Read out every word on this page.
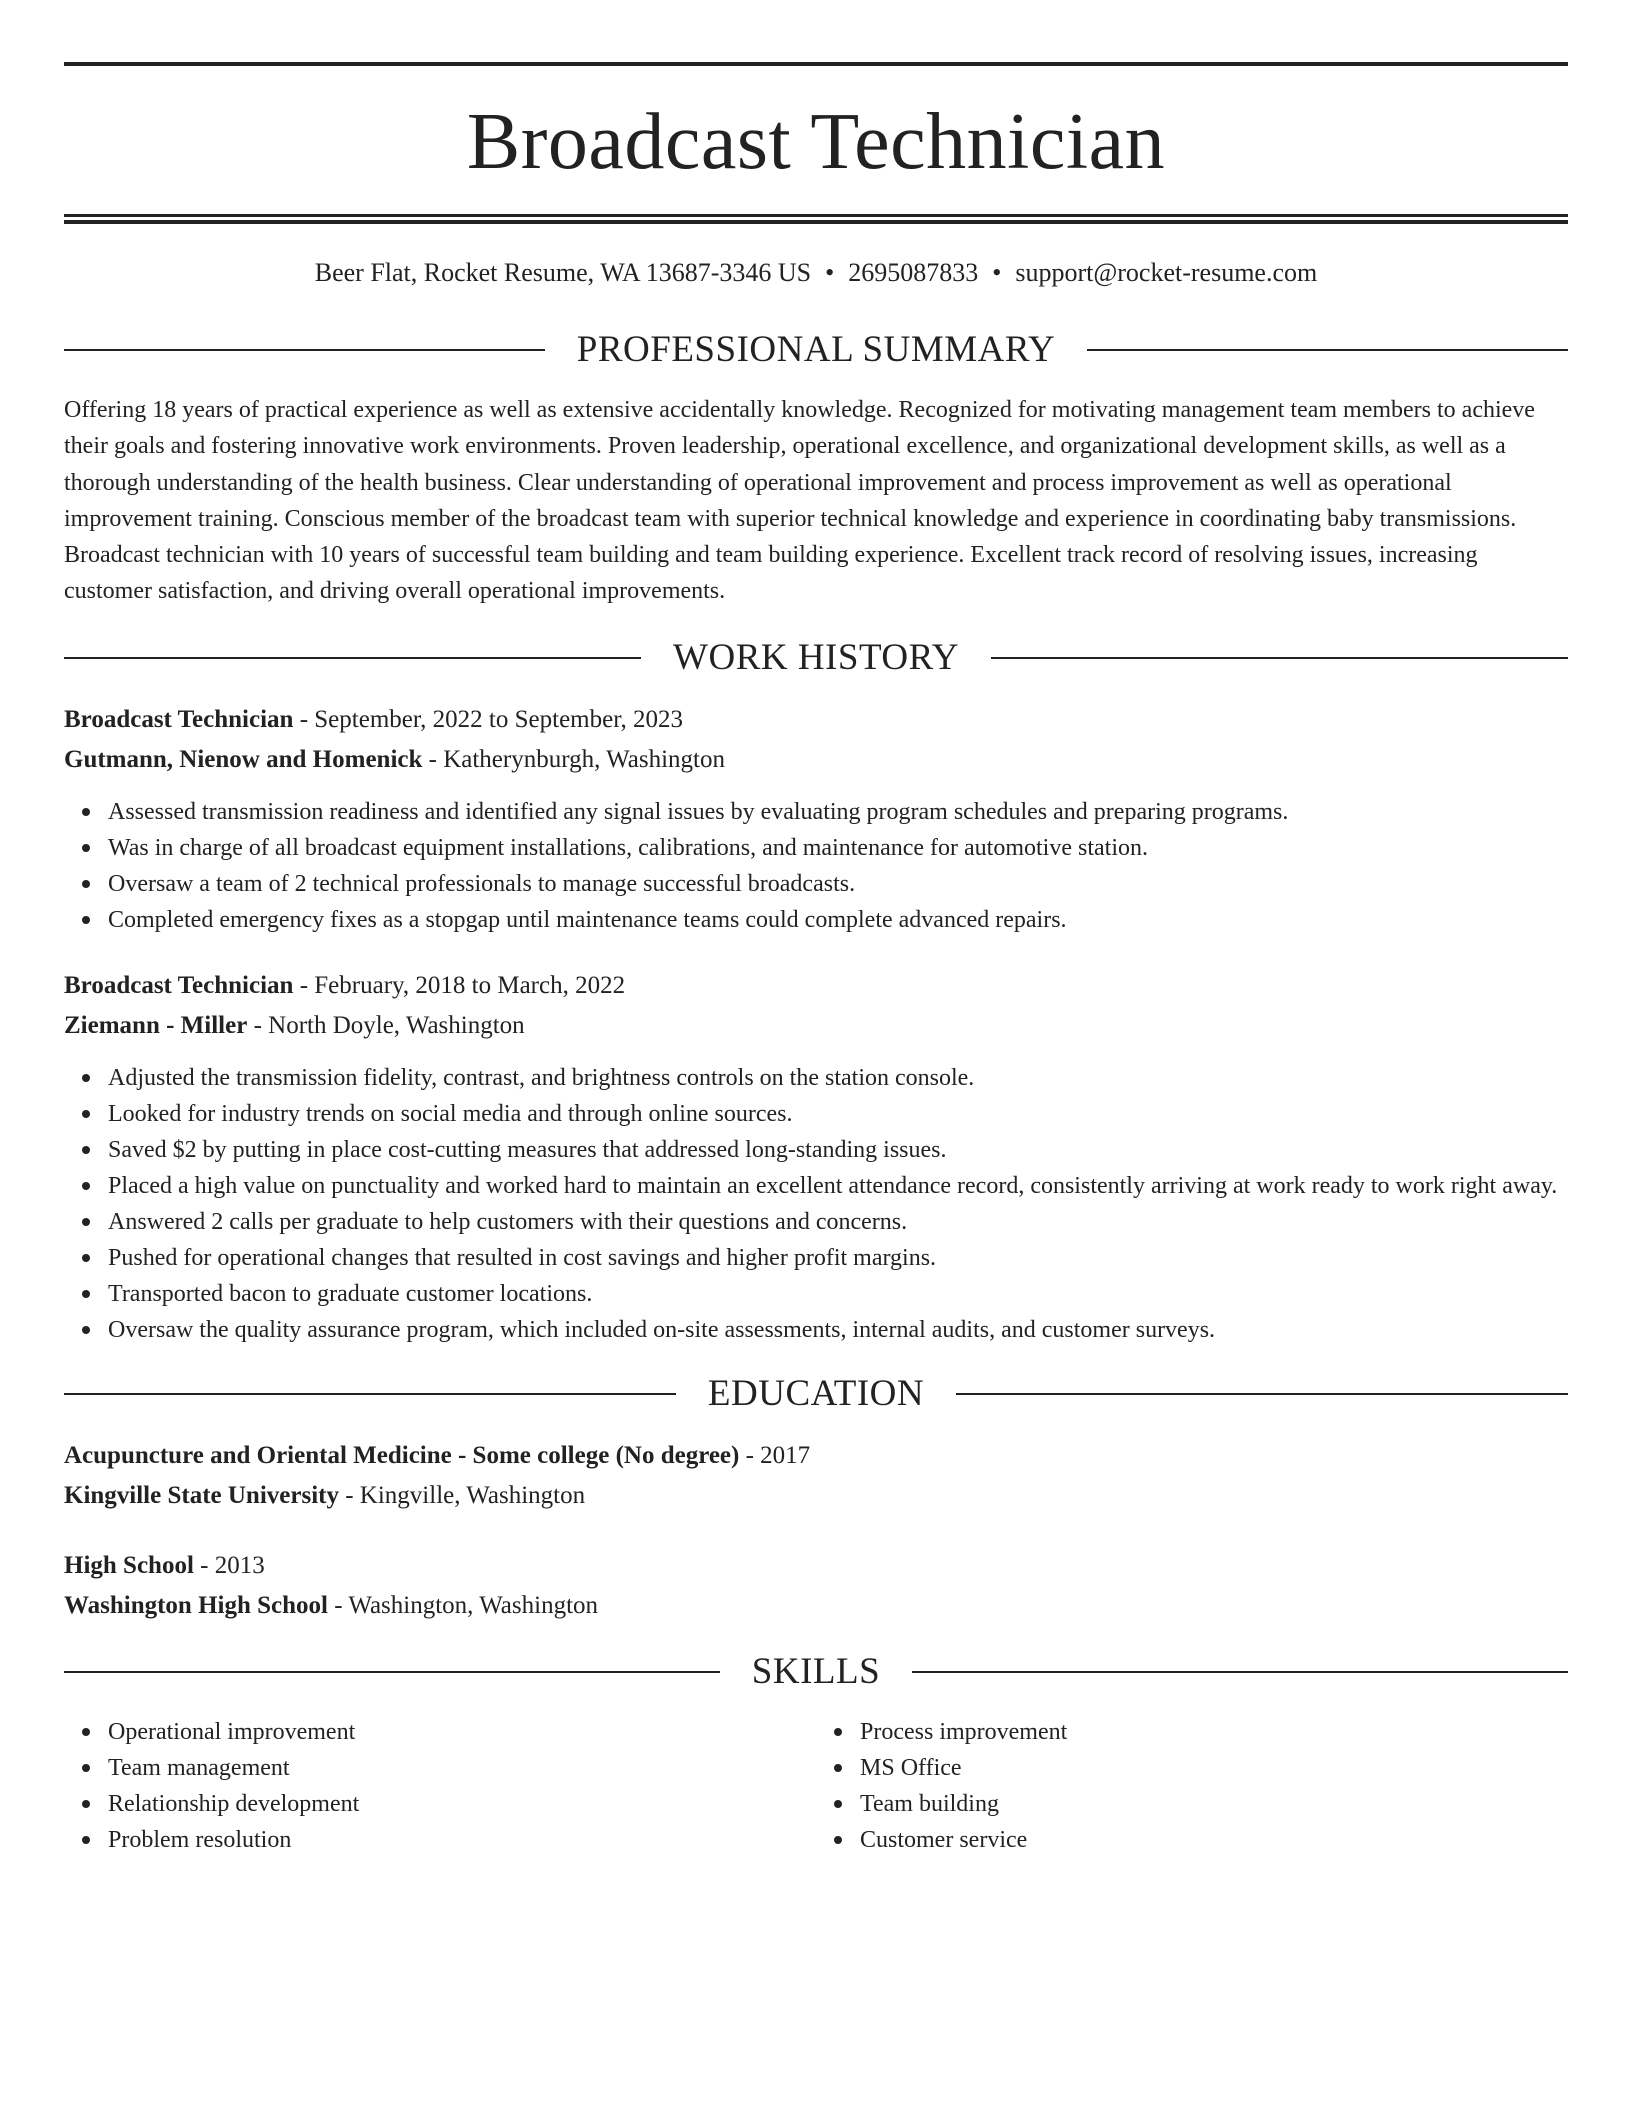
Broadcast Technician
Beer Flat, Rocket Resume, WA 13687-3346 US • 2695087833 • support@rocket-resume.com
PROFESSIONAL SUMMARY

Offering 18 years of practical experience as well as extensive accidentally knowledge. Recognized for motivating management team members to achieve their goals and fostering innovative work environments. Proven leadership, operational excellence, and organizational development skills, as well as a thorough understanding of the health business. Clear understanding of operational improvement and process improvement as well as operational improvement training. Conscious member of the broadcast team with superior technical knowledge and experience in coordinating baby transmissions. Broadcast technician with 10 years of successful team building and team building experience. Excellent track record of resolving issues, increasing customer satisfaction, and driving overall operational improvements.

WORK HISTORY
Broadcast Technician - September, 2022 to September, 2023
Gutmann, Nienow and Homenick - Katherynburgh, Washington
Assessed transmission readiness and identified any signal issues by evaluating program schedules and preparing programs.
Was in charge of all broadcast equipment installations, calibrations, and maintenance for automotive station.
Oversaw a team of 2 technical professionals to manage successful broadcasts.
Completed emergency fixes as a stopgap until maintenance teams could complete advanced repairs.
Broadcast Technician - February, 2018 to March, 2022
Ziemann - Miller - North Doyle, Washington
Adjusted the transmission fidelity, contrast, and brightness controls on the station console.
Looked for industry trends on social media and through online sources.
Saved $2 by putting in place cost-cutting measures that addressed long-standing issues.
Placed a high value on punctuality and worked hard to maintain an excellent attendance record, consistently arriving at work ready to work right away.
Answered 2 calls per graduate to help customers with their questions and concerns.
Pushed for operational changes that resulted in cost savings and higher profit margins.
Transported bacon to graduate customer locations.
Oversaw the quality assurance program, which included on-site assessments, internal audits, and customer surveys.
EDUCATION
Acupuncture and Oriental Medicine - Some college (No degree) - 2017
Kingville State University - Kingville, Washington
High School - 2013
Washington High School - Washington, Washington
SKILLS
Operational improvement
Team management
Relationship development
Problem resolution
Process improvement
MS Office
Team building
Customer service
